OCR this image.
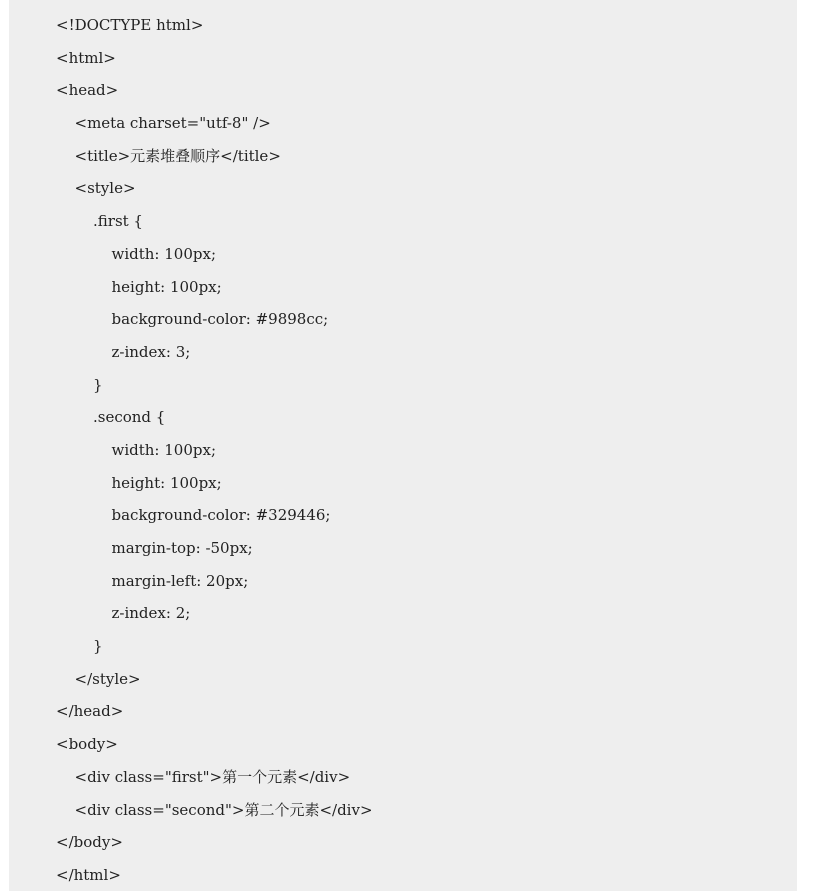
<!DOCTYPE html>
<html>
<head>
<meta charset="utf-8" />
<title>元素堆叠顺序</title>
<style>
.first {
width: 100px;
height: 100px;
background-color: #9898cc;
z-index: 3;
}
.second {
width: 100px;
height: 100px;
background-color: #329446;
margin-top: -50px;
margin-left: 20px;
z-index: 2;
}
</style>
</head>
<body>
<div class="first">第一个元素</div>
<div class="second">第二个元素</div>
</body>
</html>
